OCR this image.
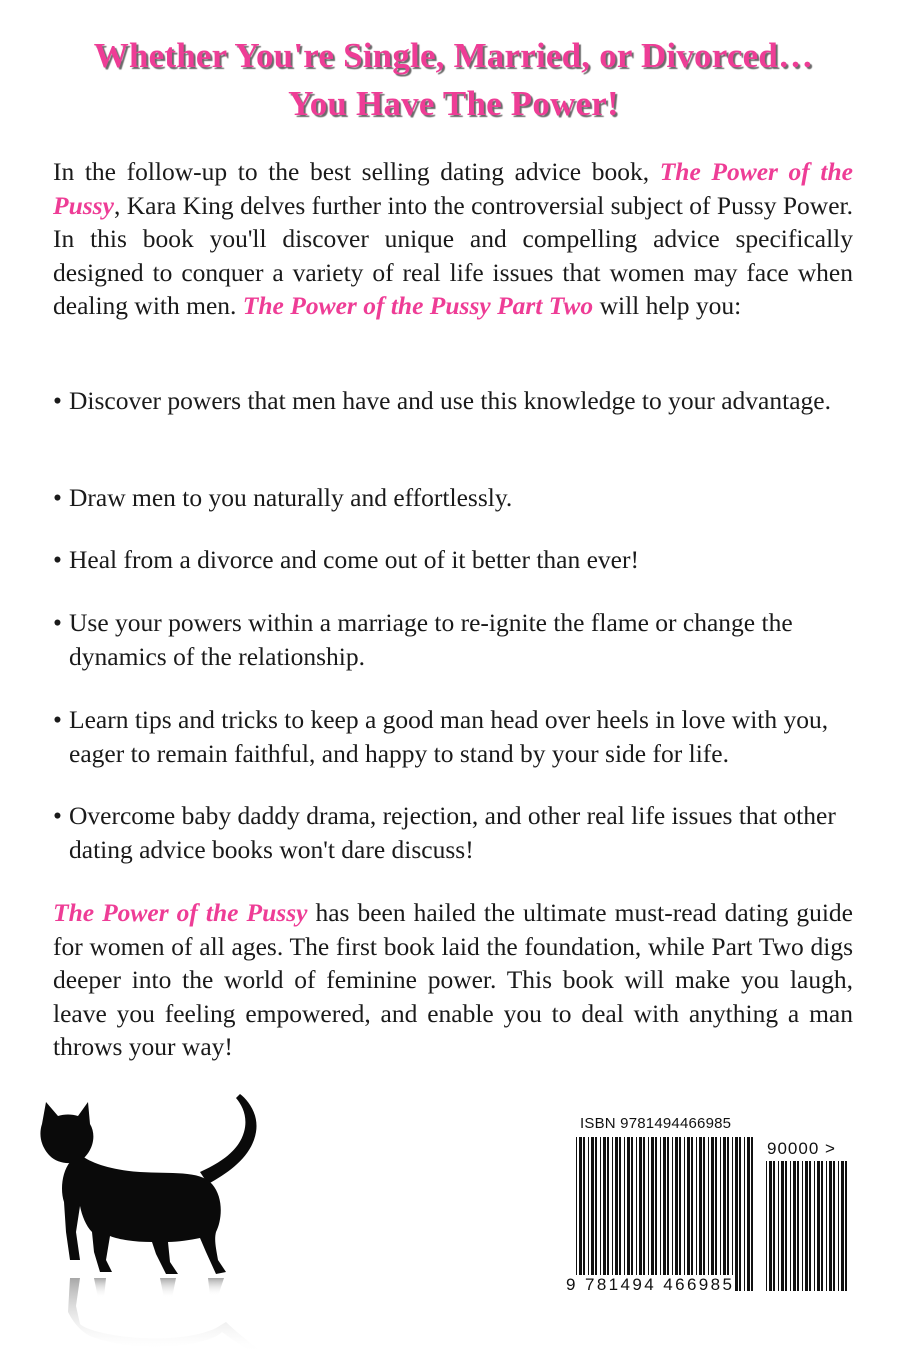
Whether You're Single, Married, or Divorced…
You Have The Power!

In the follow-up to the best selling dating advice book, The Power of the Pussy, Kara King delves further into the controversial subject of Pussy Power. In this book you'll discover unique and compelling advice specifically designed to conquer a variety of real life issues that women may face when dealing with men. The Power of the Pussy Part Two will help you:

• Discover powers that men have and use this knowledge to your advantage.
• Draw men to you naturally and effortlessly.
• Heal from a divorce and come out of it better than ever!
• Use your powers within a marriage to re-ignite the flame or change the dynamics of the relationship.
• Learn tips and tricks to keep a good man head over heels in love with you, eager to remain faithful, and happy to stand by your side for life.
• Overcome baby daddy drama, rejection, and other real life issues that other dating advice books won't dare discuss!

The Power of the Pussy has been hailed the ultimate must-read dating guide for women of all ages. The first book laid the foundation, while Part Two digs deeper into the world of feminine power. This book will make you laugh, leave you feeling empowered, and enable you to deal with anything a man throws your way!

ISBN 9781494466985
90000 >
9 781494 466985
